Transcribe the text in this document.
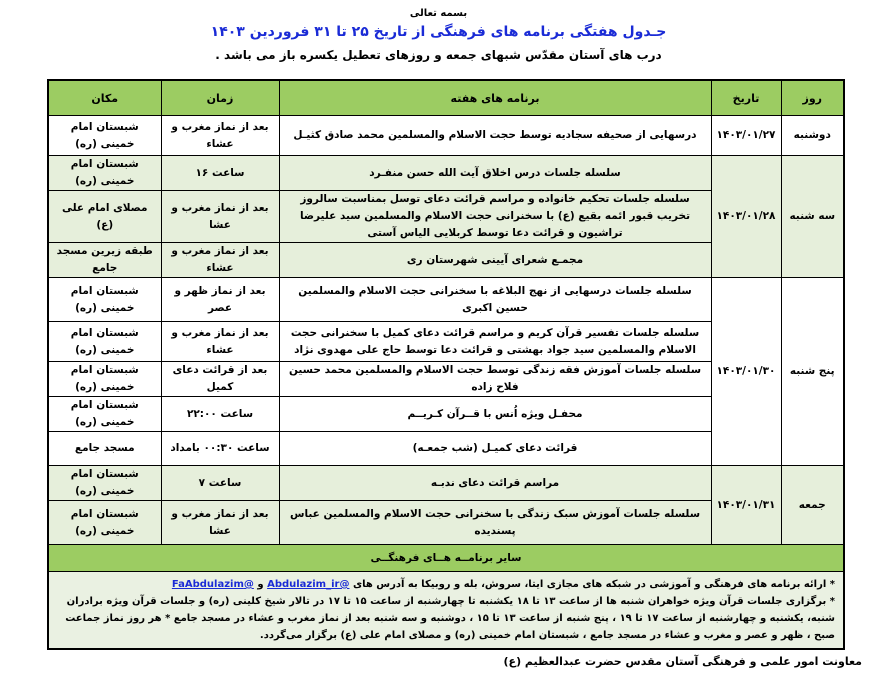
بسمه تعالی
جـدول هفتگی برنامه های فرهنگی از تاریخ ۲۵ تا ۳۱ فروردین ۱۴۰۳
درب های آستان مقدّس شبهای جمعه و روزهای تعطیل یکسره باز می باشد .
روز	تاریخ	برنامه های هفته	زمان	مکان
دوشنبه	۱۴۰۳/۰۱/۲۷	درسهایی از صحیفه سجادیه توسط حجت الاسلام والمسلمین محمد صادق کثیـل	بعد از نماز مغرب و عشاء	شبستان امام خمینی (ره)
سه شنبه	۱۴۰۳/۰۱/۲۸	سلسله جلسات درس اخلاق آیت الله حسن منفـرد	ساعت ۱۶	شبستان امام خمینی (ره)
		سلسله جلسات تحکیم خانواده و مراسم قرائت دعای توسل بمناسبت سالروز تخریب قبور ائمه بقیع (ع) با سخنرانی حجت الاسلام والمسلمین سید علیرضا تراشیون و قرائت دعا توسط کربلایی الیاس آستی	بعد از نماز مغرب و عشا	مصلای امام علی (ع)
		مجمـع شعرای آیینی شهرستان ری	بعد از نماز مغرب و عشاء	طبقه زیرین مسجد جامع
پنج شنبه	۱۴۰۳/۰۱/۳۰	سلسله جلسات درسهایی از نهج البلاغه با سخنرانی حجت الاسلام والمسلمین حسین اکبری	بعد از نماز ظهر و عصر	شبستان امام خمینی (ره)
		سلسله جلسات تفسیر قرآن کریم و مراسم قرائت دعای کمیل با سخنرانی حجت الاسلام والمسلمین سید جواد بهشتی و قرائت دعا توسط حاج علی مهدوی نژاد	بعد از نماز مغرب و عشاء	شبستان امام خمینی (ره)
		سلسله جلسات آموزش فقه زندگی توسط حجت الاسلام والمسلمین محمد حسین فلاح زاده	بعد از قرائت دعای کمیل	شبستان امام خمینی (ره)
		محفـل ویژه اُنس با قــرآن کـریــم	ساعت ۲۲:۰۰	شبستان امام خمینی (ره)
		قرائت دعای کمیـل (شب جمعـه)	ساعت ۰۰:۳۰ بامداد	مسجد جامع
جمعه	۱۴۰۳/۰۱/۳۱	مراسم قرائت دعای ندبـه	ساعت ۷	شبستان امام خمینی (ره)
		سلسله جلسات آموزش سبک زندگی با سخنرانی حجت الاسلام والمسلمین عباس پسندیده	بعد از نماز مغرب و عشا	شبستان امام خمینی (ره)
سایر برنامــه هــای فرهنگــی				

* ارائه برنامه های فرهنگی و آموزشی در شبکه های مجازی ایتا، سروش، بله و روبیکا به آدرس های @Abdulazim_ir و @FaAbdulazim
* برگزاری جلسات قرآن ویژه خواهران شنبه ها از ساعت ۱۳ تا ۱۸ یکشنبه تا چهارشنبه از ساعت ۱۵ تا ۱۷ در تالار شیخ کلینی (ره) و جلسات قرآن ویژه برادران شنبه، یکشنبه و چهارشنبه از ساعت ۱۷ تا ۱۹ ، پنج شنبه از ساعت ۱۳ تا ۱۵ ، دوشنبه و سه شنبه بعد از نماز مغرب و عشاء در مسجد جامع * هر روز نماز جماعت صبح ، ظهر و عصر و مغرب و عشاء در مسجد جامع ، شبستان امام خمینی (ره) و مصلای امام علی (ع) برگزار می‌گردد.				
معاونت امور علمی و فرهنگی آستان مقدس حضرت عبدالعظیم (ع)
